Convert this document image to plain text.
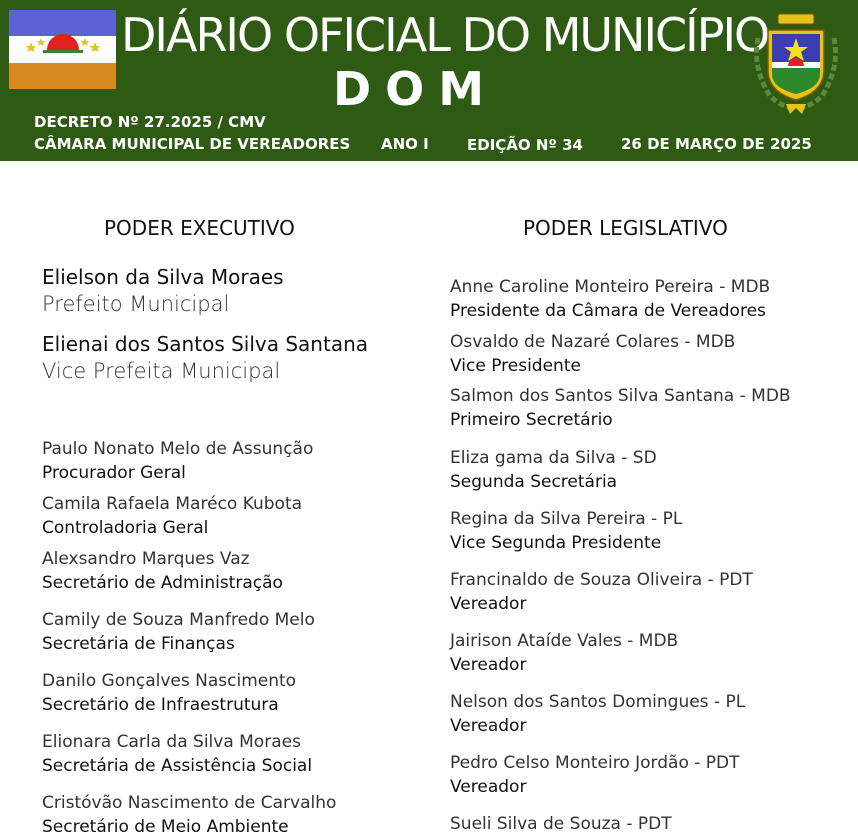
DIÁRIO OFICIAL DO MUNICÍPIO
DOM
DECRETO Nº 27.2025 / CMV
CÂMARA MUNICIPAL DE VEREADORES ANO I	EDIÇÃO Nº 34	26 DE MARÇO DE 2025
PODER EXECUTIVO
Elielson da Silva Moraes
Prefeito Municipal
Elienai dos Santos Silva Santana
Vice Prefeita Municipal
Paulo Nonato Melo de Assunção
Procurador Geral
Camila Rafaela Maréco Kubota
Controladoria Geral
Alexsandro Marques Vaz
Secretário de Administração
Camily de Souza Manfredo Melo
Secretária de Finanças
Danilo Gonçalves Nascimento
Secretário de Infraestrutura
Elionara Carla da Silva Moraes
Secretária de Assistência Social
Cristóvão Nascimento de Carvalho
Secretário de Meio Ambiente
PODER LEGISLATIVO
Anne Caroline Monteiro Pereira - MDB
Presidente da Câmara de Vereadores
Osvaldo de Nazaré Colares - MDB
Vice Presidente
Salmon dos Santos Silva Santana - MDB
Primeiro Secretário
Eliza gama da Silva - SD
Segunda Secretária
Regina da Silva Pereira - PL
Vice Segunda Presidente
Francinaldo de Souza Oliveira - PDT
Vereador
Jairison Ataíde Vales - MDB
Vereador
Nelson dos Santos Domingues - PL
Vereador
Pedro Celso Monteiro Jordão - PDT
Vereador
Sueli Silva de Souza - PDT
